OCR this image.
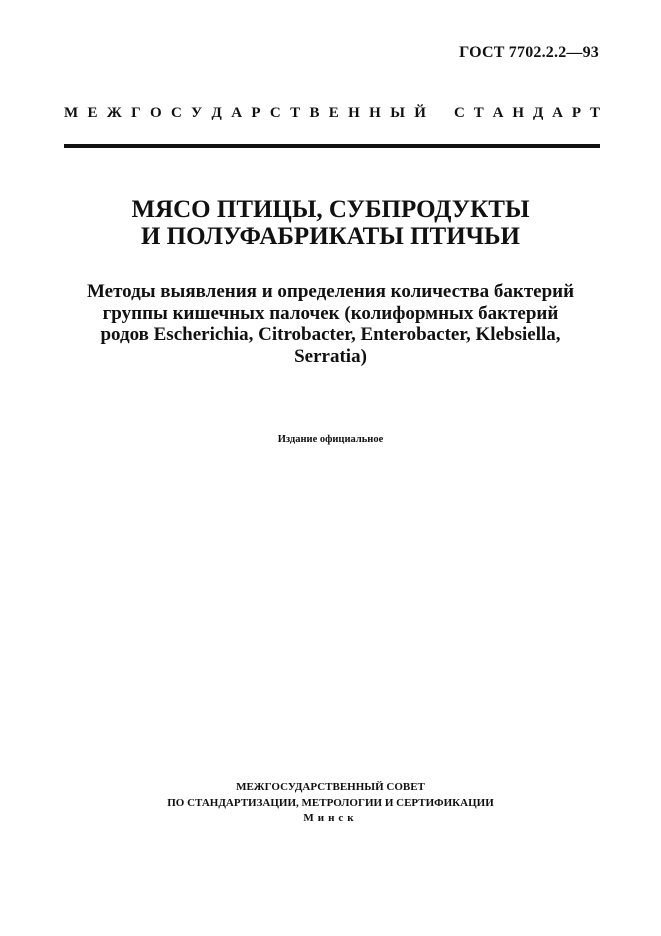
ГОСТ 7702.2.2—93
М Е Ж Г О С У Д А Р С Т В Е Н Н Ы Й С Т А Н Д А Р Т
МЯСО ПТИЦЫ, СУБПРОДУКТЫ
И ПОЛУФАБРИКАТЫ ПТИЧЬИ
Методы выявления и определения количества бактерий
группы кишечных палочек (колиформных бактерий
родов Escherichia, Citrobacter, Enterobacter, Klebsiella,
Serratia)
Издание официальное
МЕЖГОСУДАРСТВЕННЫЙ СОВЕТ
ПО СТАНДАРТИЗАЦИИ, МЕТРОЛОГИИ И СЕРТИФИКАЦИИ
Минск
